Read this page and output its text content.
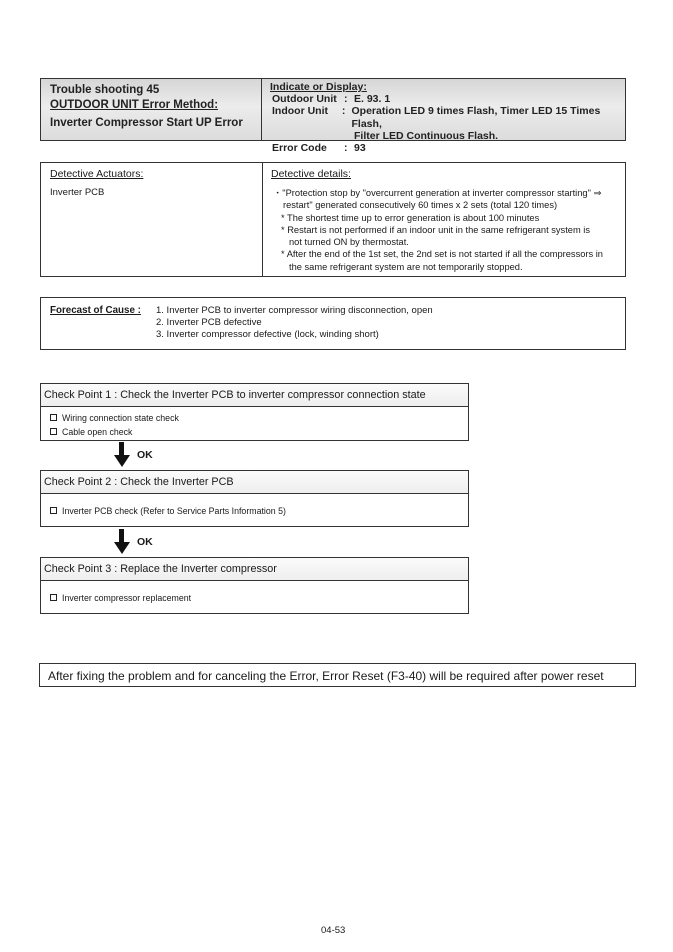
Trouble shooting 45
OUTDOOR UNIT Error Method:
Inverter Compressor Start UP Error
Indicate or Display:
Outdoor Unit : E. 93. 1
Indoor Unit	: Operation LED 9 times Flash, Timer LED 15 Times Flash,
Filter LED Continuous Flash.
Error Code	: 93
Detective Actuators:
Inverter PCB
Detective details:
・"Protection stop by "overcurrent generation at inverter compressor starting" ⇒
restart" generated consecutively 60 times x 2 sets (total 120 times)
* The shortest time up to error generation is about 100 minutes
* Restart is not performed if an indoor unit in the same refrigerant system is
not turned ON by thermostat.
* After the end of the 1st set, the 2nd set is not started if all the compressors in
the same refrigerant system are not temporarily stopped.
Forecast of Cause :	1. Inverter PCB to inverter compressor wiring disconnection, open
2. Inverter PCB defective
3. Inverter compressor defective (lock, winding short)
Check Point 1 : Check the Inverter PCB to inverter compressor connection state
Wiring connection state check
Cable open check
OK
Check Point 2 : Check the Inverter PCB
Inverter PCB check (Refer to Service Parts Information 5)
OK
Check Point 3 : Replace the Inverter compressor
Inverter compressor replacement
After fixing the problem and for canceling the Error, Error Reset (F3-40) will be required after power reset
04-53
